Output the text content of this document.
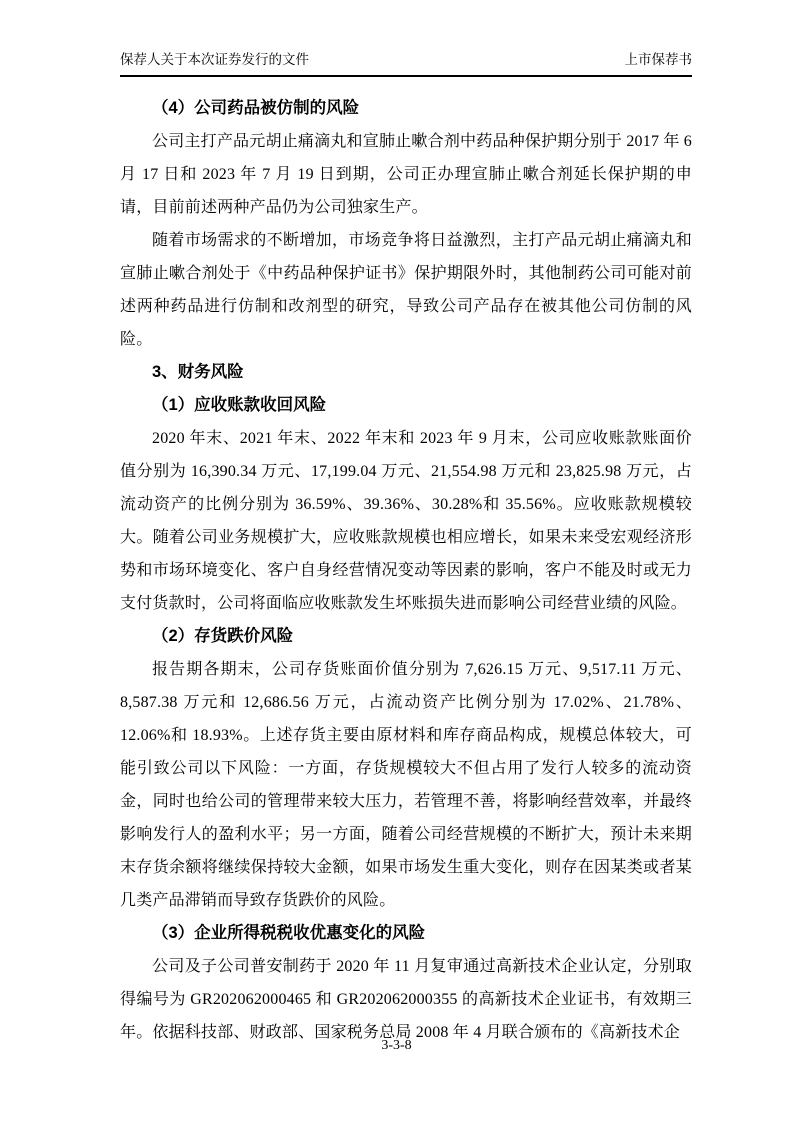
保荐人关于本次证券发行的文件	上市保荐书
（4）公司药品被仿制的风险

公司主打产品元胡止痛滴丸和宣肺止嗽合剂中药品种保护期分别于 2017 年 6 月 17 日和 2023 年 7 月 19 日到期，公司正办理宣肺止嗽合剂延长保护期的申请，目前前述两种产品仍为公司独家生产。

随着市场需求的不断增加，市场竞争将日益激烈，主打产品元胡止痛滴丸和宣肺止嗽合剂处于《中药品种保护证书》保护期限外时，其他制药公司可能对前述两种药品进行仿制和改剂型的研究，导致公司产品存在被其他公司仿制的风险。

3、财务风险
（1）应收账款收回风险

2020 年末、2021 年末、2022 年末和 2023 年 9 月末，公司应收账款账面价值分别为 16,390.34 万元、17,199.04 万元、21,554.98 万元和 23,825.98 万元，占流动资产的比例分别为 36.59%、39.36%、30.28%和 35.56%。应收账款规模较大。随着公司业务规模扩大，应收账款规模也相应增长，如果未来受宏观经济形势和市场环境变化、客户自身经营情况变动等因素的影响，客户不能及时或无力支付货款时，公司将面临应收账款发生坏账损失进而影响公司经营业绩的风险。

（2）存货跌价风险

报告期各期末，公司存货账面价值分别为 7,626.15 万元、9,517.11 万元、8,587.38 万元和 12,686.56 万元，占流动资产比例分别为 17.02%、21.78%、12.06%和 18.93%。上述存货主要由原材料和库存商品构成，规模总体较大，可能引致公司以下风险：一方面，存货规模较大不但占用了发行人较多的流动资金，同时也给公司的管理带来较大压力，若管理不善，将影响经营效率，并最终影响发行人的盈利水平；另一方面，随着公司经营规模的不断扩大，预计未来期末存货余额将继续保持较大金额，如果市场发生重大变化，则存在因某类或者某几类产品滞销而导致存货跌价的风险。

（3）企业所得税税收优惠变化的风险

公司及子公司普安制药于 2020 年 11 月复审通过高新技术企业认定，分别取得编号为 GR202062000465 和 GR202062000355 的高新技术企业证书，有效期三年。依据科技部、财政部、国家税务总局 2008 年 4 月联合颁布的《高新技术企

3-3-8
